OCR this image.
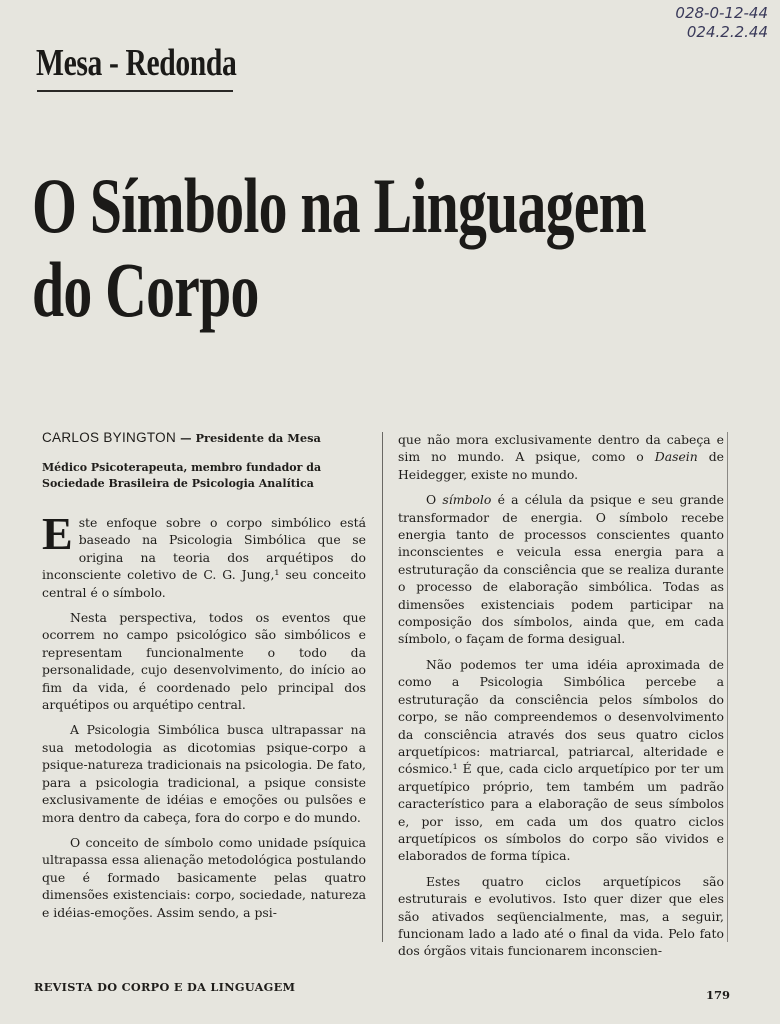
028-0-12-44
024.2.2.44
Mesa - Redonda
O Símbolo na Linguagem
do Corpo

CARLOS BYINGTON — Presidente da Mesa

Médico Psicoterapeuta, membro fundador da Sociedade Brasileira de Psicologia Analítica

Este enfoque sobre o corpo simbólico está baseado na Psicologia Simbólica que se origina na teoria dos arquétipos do inconsciente coletivo de C. G. Jung,¹ seu conceito central é o símbolo.

Nesta perspectiva, todos os eventos que ocorrem no campo psicológico são simbólicos e representam funcionalmente o todo da personalidade, cujo desenvolvimento, do início ao fim da vida, é coordenado pelo principal dos arquétipos ou arquétipo central.

A Psicologia Simbólica busca ultrapassar na sua metodologia as dicotomias psique-corpo a psique-natureza tradicionais na psicologia. De fato, para a psicologia tradicional, a psique consiste exclusivamente de idéias e emoções ou pulsões e mora dentro da cabeça, fora do corpo e do mundo.

O conceito de símbolo como unidade psíquica ultrapassa essa alienação metodológica postulando que é formado basicamente pelas quatro dimensões existenciais: corpo, sociedade, natureza e idéias-emoções. Assim sendo, a psi-

que não mora exclusivamente dentro da cabeça e sim no mundo. A psique, como o Dasein de Heidegger, existe no mundo.

O símbolo é a célula da psique e seu grande transformador de energia. O símbolo recebe energia tanto de processos conscientes quanto inconscientes e veicula essa energia para a estruturação da consciência que se realiza durante o processo de elaboração simbólica. Todas as dimensões existenciais podem participar na composição dos símbolos, ainda que, em cada símbolo, o façam de forma desigual.

Não podemos ter uma idéia aproximada de como a Psicologia Simbólica percebe a estruturação da consciência pelos símbolos do corpo, se não compreendemos o desenvolvimento da consciência através dos seus quatro ciclos arquetípicos: matriarcal, patriarcal, alteridade e cósmico.¹ É que, cada ciclo arquetípico por ter um arquetípico próprio, tem também um padrão característico para a elaboração de seus símbolos e, por isso, em cada um dos quatro ciclos arquetípicos os símbolos do corpo são vividos e elaborados de forma típica.

Estes quatro ciclos arquetípicos são estruturais e evolutivos. Isto quer dizer que eles são ativados seqüencialmente, mas, a seguir, funcionam lado a lado até o final da vida. Pelo fato dos órgãos vitais funcionarem inconscien-

REVISTA DO CORPO E DA LINGUAGEM
179
